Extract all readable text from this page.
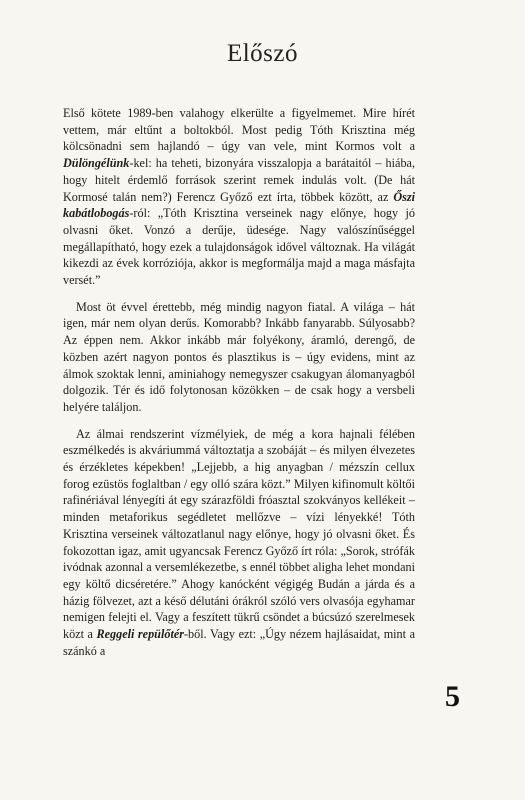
Előszó

Első kötete 1989-ben valahogy elkerülte a figyelmemet. Mire hírét vettem, már eltűnt a boltokból. Most pedig Tóth Krisztina még kölcsönadni sem hajlandó – úgy van vele, mint Kormos volt a Dülöngélünk-kel: ha teheti, bizonyára visszalopja a barátaitól – hiába, hogy hitelt érdemlő források szerint remek indulás volt. (De hát Kormosé talán nem?) Ferencz Győző ezt írta, többek között, az Őszi kabátlobogás-ról: „Tóth Krisztina verseinek nagy előnye, hogy jó olvasni őket. Vonzó a derűje, üdesége. Nagy valószínűséggel megállapítható, hogy ezek a tulajdonságok idővel változnak. Ha világát kikezdi az évek korróziója, akkor is megformálja majd a maga másfajta versét.”

Most öt évvel érettebb, még mindig nagyon fiatal. A világa – hát igen, már nem olyan derűs. Komorabb? Inkább fanyarabb. Súlyosabb? Az éppen nem. Akkor inkább már folyékony, áramló, derengő, de közben azért nagyon pontos és plasztikus is – úgy evidens, mint az álmok szoktak lenni, aminiahogy nemegyszer csakugyan álomanyagból dolgozik. Tér és idő folytonosan közökken – de csak hogy a versbeli helyére találjon.

Az álmai rendszerint vízmélyiek, de még a kora hajnali félében eszmélkedés is akváriummá változtatja a szobáját – és milyen élvezetes és érzékletes képekben! „Lejjebb, a hig anyagban / mézszín cellux forog ezüstös foglaltban / egy olló szára közt.” Milyen kifinomult költői rafinériával lényegíti át egy szárazföldi fróasztal szokványos kellékeit – minden metaforikus segédletet mellőzve – vízi lényekké! Tóth Krisztina verseinek változatlanul nagy előnye, hogy jó olvasni őket. És fokozottan igaz, amit ugyancsak Ferencz Győző írt róla: „Sorok, strófák ivódnak azonnal a versemlékezetbe, s ennél többet aligha lehet mondani egy költő dicséretére.” Ahogy kanócként végigég Budán a járda és a házig fölvezet, azt a késő délutáni órákról szóló vers olvasója egyhamar nemigen felejti el. Vagy a feszített tükrű csöndet a búcsúzó szerelmesek közt a Reggeli repülőtér-ből. Vagy ezt: „Úgy nézem hajlásaidat, mint a szánkó a

5
